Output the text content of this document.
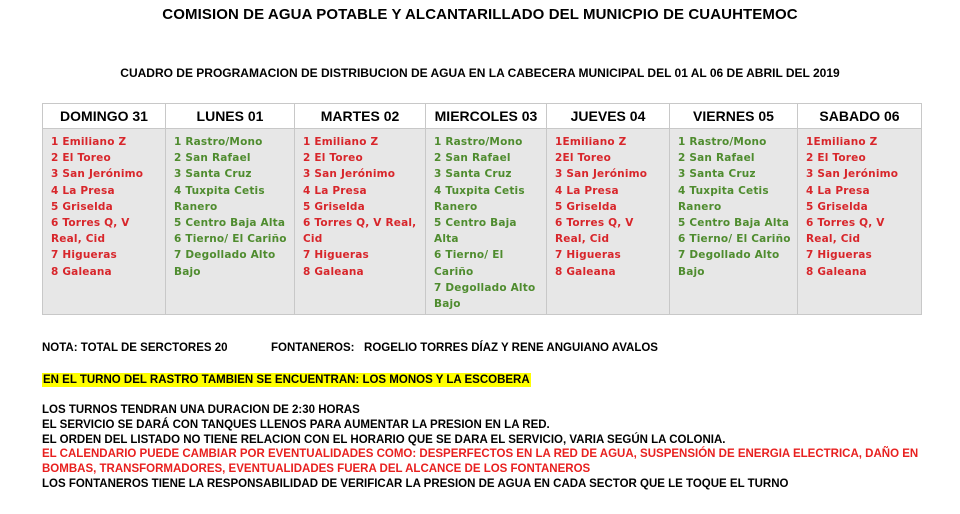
COMISION DE AGUA POTABLE Y ALCANTARILLADO DEL MUNICPIO DE CUAUHTEMOC
CUADRO DE PROGRAMACION DE DISTRIBUCION DE AGUA EN LA CABECERA MUNICIPAL DEL 01 AL 06 DE ABRIL DEL 2019
DOMINGO 31
1 Emiliano Z
2 El Toreo
3 San Jerónimo
4 La Presa
5 Griselda
6 Torres Q, V Real, Cid
7 Higueras
8 Galeana
LUNES 01
1 Rastro/Mono
2 San Rafael
3 Santa Cruz
4 Tuxpita Cetis Ranero
5 Centro Baja Alta
6 Tierno/ El Cariño
7 Degollado Alto Bajo
MARTES 02
1 Emiliano Z
2 El Toreo
3 San Jerónimo
4 La Presa
5 Griselda
6 Torres Q, V Real, Cid
7 Higueras
8 Galeana
MIERCOLES 03
1 Rastro/Mono
2 San Rafael
3 Santa Cruz
4 Tuxpita Cetis Ranero
5 Centro Baja Alta
6 Tierno/ El Cariño
7 Degollado Alto Bajo
JUEVES 04
1Emiliano Z
2El Toreo
3 San Jerónimo
4 La Presa
5 Griselda
6 Torres Q, V Real, Cid
7 Higueras
8 Galeana
VIERNES 05
1 Rastro/Mono
2 San Rafael
3 Santa Cruz
4 Tuxpita Cetis Ranero
5 Centro Baja Alta
6 Tierno/ El Cariño
7 Degollado Alto Bajo
SABADO 06
1Emiliano Z
2 El Toreo
3 San Jerónimo
4 La Presa
5 Griselda
6 Torres Q, V Real, Cid
7 Higueras
8 Galeana
NOTA: TOTAL DE SERCTORES 20	FONTANEROS:   ROGELIO TORRES DÍAZ Y RENE ANGUIANO AVALOS
EN EL TURNO DEL RASTRO TAMBIEN SE ENCUENTRAN: LOS MONOS Y LA ESCOBERA
LOS TURNOS TENDRAN UNA DURACION DE 2:30 HORAS
EL SERVICIO SE DARÁ CON TANQUES LLENOS PARA AUMENTAR LA PRESION EN LA RED.
EL ORDEN DEL LISTADO NO TIENE RELACION CON EL HORARIO QUE SE DARA EL SERVICIO, VARIA SEGÚN LA COLONIA.
EL CALENDARIO PUEDE CAMBIAR POR EVENTUALIDADES COMO: DESPERFECTOS EN LA RED DE AGUA, SUSPENSIÓN DE ENERGIA ELECTRICA, DAÑO EN
BOMBAS, TRANSFORMADORES, EVENTUALIDADES FUERA DEL ALCANCE DE LOS FONTANEROS
LOS FONTANEROS TIENE LA RESPONSABILIDAD DE VERIFICAR LA PRESION DE AGUA EN CADA SECTOR QUE LE TOQUE EL TURNO
